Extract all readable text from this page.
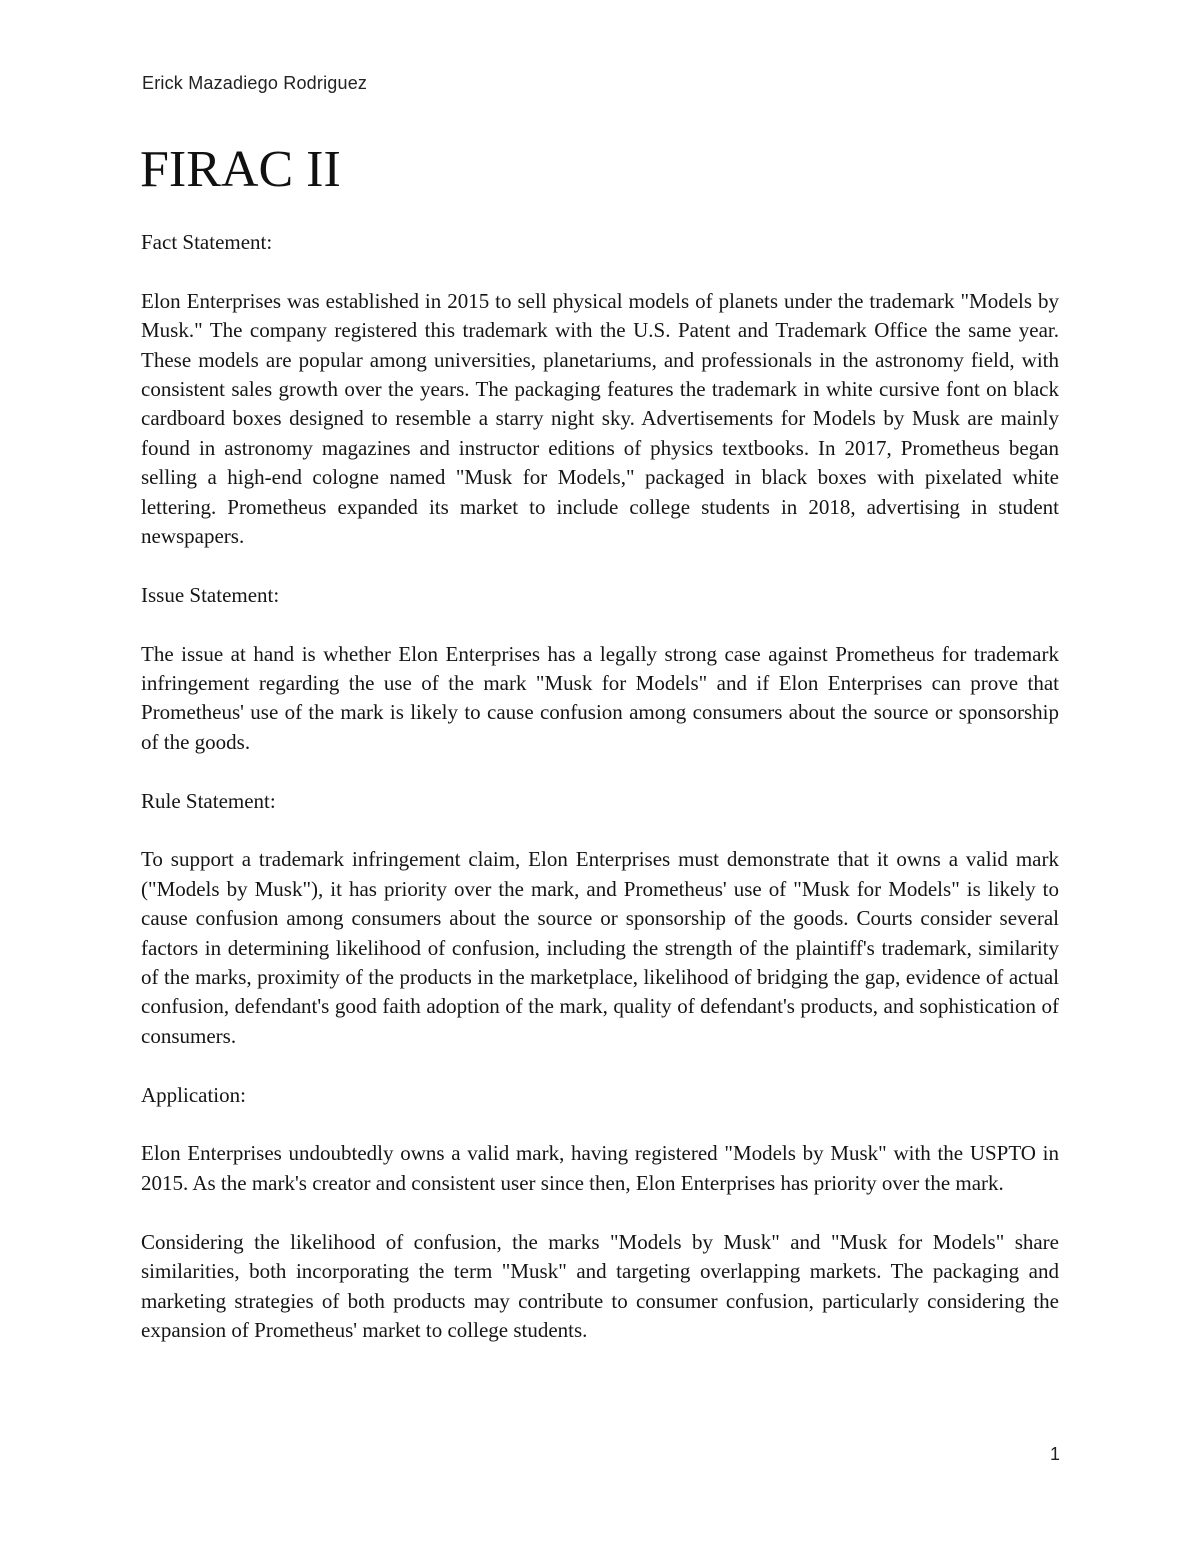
Erick Mazadiego Rodriguez
FIRAC II

Fact Statement:

Elon Enterprises was established in 2015 to sell physical models of planets under the trademark "Models by Musk." The company registered this trademark with the U.S. Patent and Trademark Office the same year. These models are popular among universities, planetariums, and professionals in the astronomy field, with consistent sales growth over the years. The packaging features the trademark in white cursive font on black cardboard boxes designed to resemble a starry night sky. Advertisements for Models by Musk are mainly found in astronomy magazines and instructor editions of physics textbooks. In 2017, Prometheus began selling a high-end cologne named "Musk for Models," packaged in black boxes with pixelated white lettering. Prometheus expanded its market to include college students in 2018, advertising in student newspapers.

Issue Statement:

The issue at hand is whether Elon Enterprises has a legally strong case against Prometheus for trademark infringement regarding the use of the mark "Musk for Models" and if Elon Enterprises can prove that Prometheus' use of the mark is likely to cause confusion among consumers about the source or sponsorship of the goods.

Rule Statement:

To support a trademark infringement claim, Elon Enterprises must demonstrate that it owns a valid mark ("Models by Musk"), it has priority over the mark, and Prometheus' use of "Musk for Models" is likely to cause confusion among consumers about the source or sponsorship of the goods. Courts consider several factors in determining likelihood of confusion, including the strength of the plaintiff's trademark, similarity of the marks, proximity of the products in the marketplace, likelihood of bridging the gap, evidence of actual confusion, defendant's good faith adoption of the mark, quality of defendant's products, and sophistication of consumers.

Application:

Elon Enterprises undoubtedly owns a valid mark, having registered "Models by Musk" with the USPTO in 2015. As the mark's creator and consistent user since then, Elon Enterprises has priority over the mark.

Considering the likelihood of confusion, the marks "Models by Musk" and "Musk for Models" share similarities, both incorporating the term "Musk" and targeting overlapping markets. The packaging and marketing strategies of both products may contribute to consumer confusion, particularly considering the expansion of Prometheus' market to college students.

1
